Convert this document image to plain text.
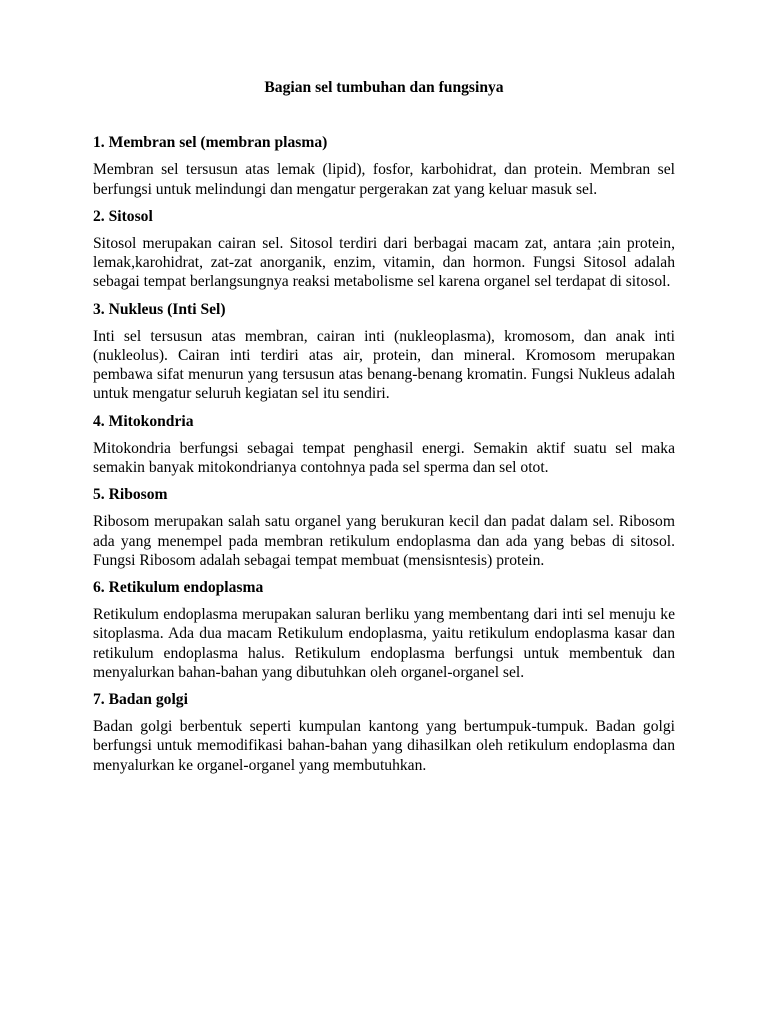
Bagian sel tumbuhan dan fungsinya
1. Membran sel (membran plasma)
Membran sel tersusun atas lemak (lipid), fosfor, karbohidrat, dan protein. Membran sel berfungsi untuk melindungi dan mengatur pergerakan zat yang keluar masuk sel.
2. Sitosol
Sitosol merupakan cairan sel. Sitosol terdiri dari berbagai macam zat, antara ;ain protein, lemak,karohidrat, zat-zat anorganik, enzim, vitamin, dan hormon. Fungsi Sitosol adalah sebagai tempat berlangsungnya reaksi metabolisme sel karena organel sel terdapat di sitosol.
3. Nukleus (Inti Sel)
Inti sel tersusun atas membran, cairan inti (nukleoplasma), kromosom, dan anak inti (nukleolus). Cairan inti terdiri atas air, protein, dan mineral. Kromosom merupakan pembawa sifat menurun yang tersusun atas benang-benang kromatin. Fungsi Nukleus adalah untuk mengatur seluruh kegiatan sel itu sendiri.
4. Mitokondria
Mitokondria berfungsi sebagai tempat penghasil energi. Semakin aktif suatu sel maka semakin banyak mitokondrianya contohnya pada sel sperma dan sel otot.
5. Ribosom
Ribosom merupakan salah satu organel yang berukuran kecil dan padat dalam sel. Ribosom ada yang menempel pada membran retikulum endoplasma dan ada yang bebas di sitosol. Fungsi Ribosom adalah sebagai tempat membuat (mensisntesis) protein.
6. Retikulum endoplasma
Retikulum endoplasma merupakan saluran berliku yang membentang dari inti sel menuju ke sitoplasma. Ada dua macam Retikulum endoplasma, yaitu retikulum endoplasma kasar dan retikulum endoplasma halus. Retikulum endoplasma berfungsi untuk membentuk dan menyalurkan bahan-bahan yang dibutuhkan oleh organel-organel sel.
7. Badan golgi
Badan golgi berbentuk seperti kumpulan kantong yang bertumpuk-tumpuk. Badan golgi berfungsi untuk memodifikasi bahan-bahan yang dihasilkan oleh retikulum endoplasma dan menyalurkan ke organel-organel yang membutuhkan.
